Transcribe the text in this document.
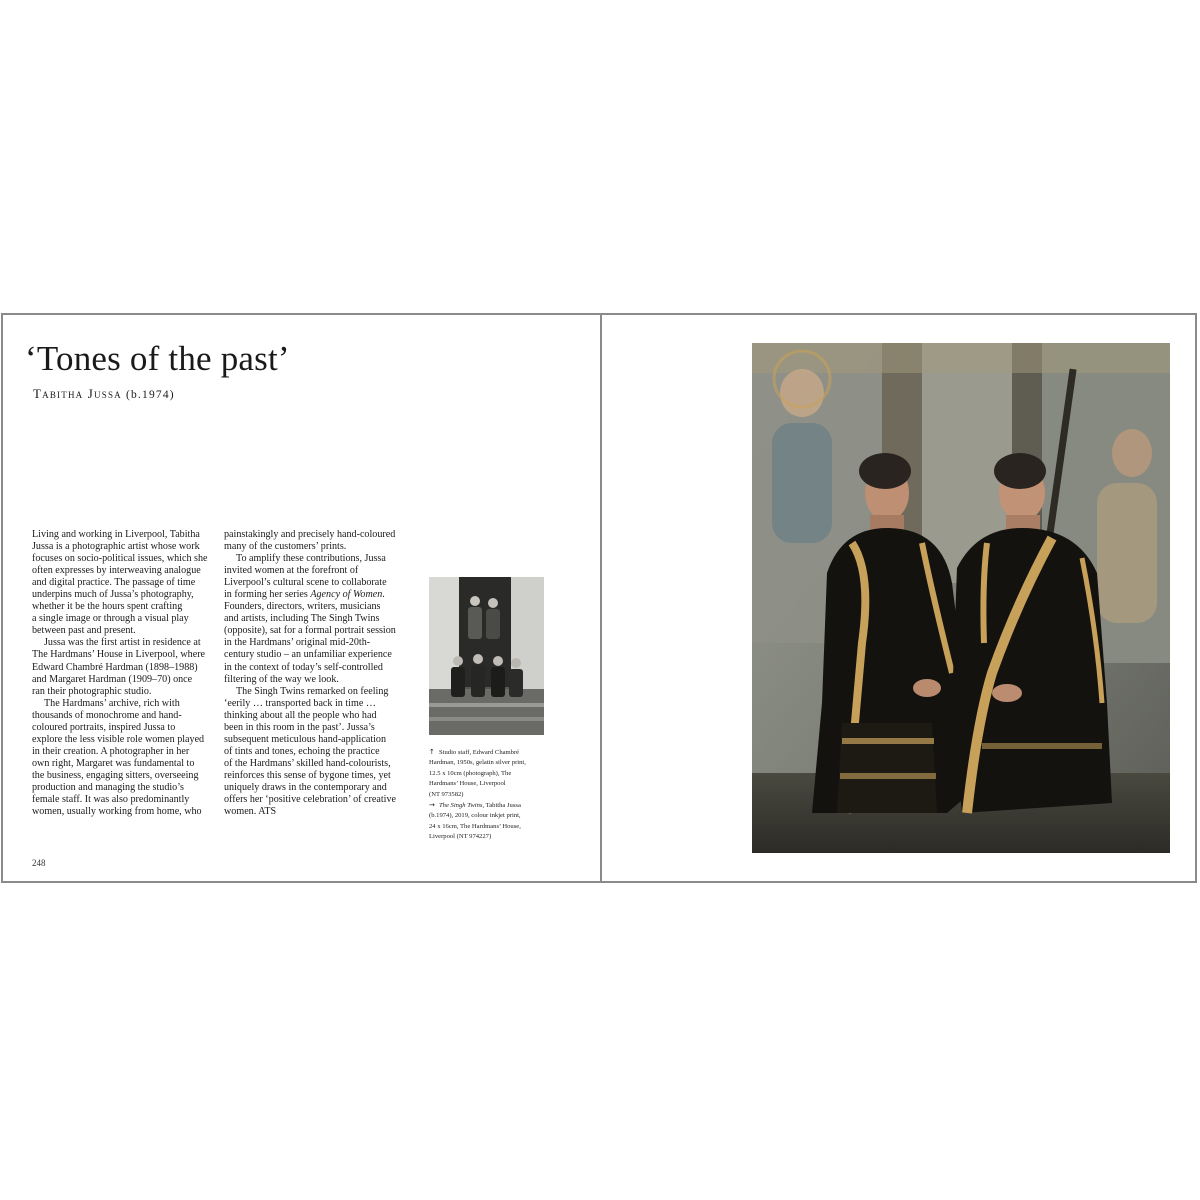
‘Tones of the past’
Tabitha Jussa (b.1974)

Living and working in Liverpool, Tabitha
Jussa is a photographic artist whose work
focuses on socio-political issues, which she
often expresses by interweaving analogue
and digital practice. The passage of time
underpins much of Jussa’s photography,
whether it be the hours spent crafting
a single image or through a visual play
between past and present.

Jussa was the first artist in residence at
The Hardmans’ House in Liverpool, where
Edward Chambré Hardman (1898–1988)
and Margaret Hardman (1909–70) once
ran their photographic studio.

The Hardmans’ archive, rich with
thousands of monochrome and hand-
coloured portraits, inspired Jussa to
explore the less visible role women played
in their creation. A photographer in her
own right, Margaret was fundamental to
the business, engaging sitters, overseeing
production and managing the studio’s
female staff. It was also predominantly
women, usually working from home, who

painstakingly and precisely hand-coloured
many of the customers’ prints.

To amplify these contributions, Jussa
invited women at the forefront of
Liverpool’s cultural scene to collaborate
in forming her series Agency of Women.
Founders, directors, writers, musicians
and artists, including The Singh Twins
(opposite), sat for a formal portrait session
in the Hardmans’ original mid-20th-
century studio – an unfamiliar experience
in the context of today’s self-controlled
filtering of the way we look.

The Singh Twins remarked on feeling
‘eerily … transported back in time …
thinking about all the people who had
been in this room in the past’. Jussa’s
subsequent meticulous hand-application
of tints and tones, echoing the practice
of the Hardmans’ skilled hand-colourists,
reinforces this sense of bygone times, yet
uniquely draws in the contemporary and
offers her ‘positive celebration’ of creative
women. ATS

↑ Studio staff, Edward Chambré
Hardman, 1950s, gelatin silver print,
12.5 x 10cm (photograph), The
Hardmans’ House, Liverpool
(NT 973582)
→ The Singh Twins, Tabitha Jussa
(b.1974), 2019, colour inkjet print,
24 x 16cm, The Hardmans’ House,
Liverpool (NT 974227)
248
